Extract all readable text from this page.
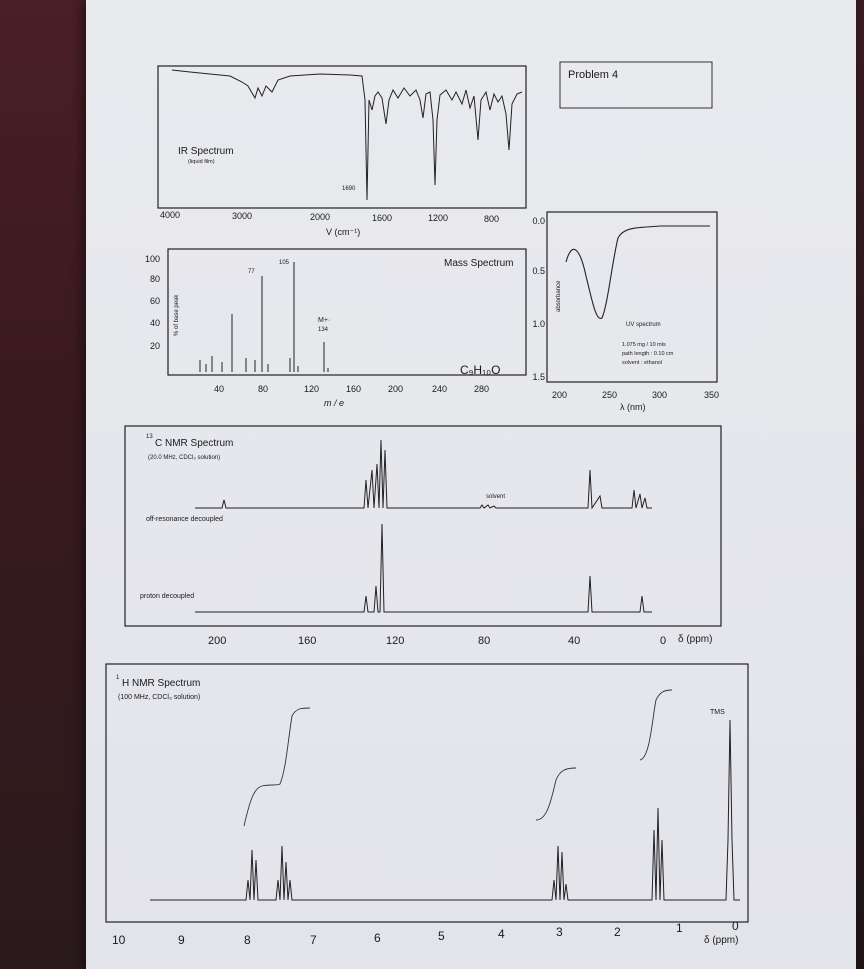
Problem 4
IR Spectrum
(liquid film)
1690
4000	3000	2000	1600	1200	800
V (cm⁻¹)
100
80
60
40
20
% of base peak
77
105
M+·
134
Mass Spectrum
C₉H₁₀O
40	80	120	160	200	240	280
m / e
0.0
0.5
1.0
1.5
absorbance
UV spectrum
1.075 mg / 10 mls
path length : 0.10 cm
solvent : ethanol
200	250	300	350
λ (nm)
13
C NMR Spectrum
(20.0 MHz, CDCl₃ solution)
off-resonance decoupled
proton decoupled
solvent
200	160	120	80	40	0 δ (ppm)
1 H NMR Spectrum
(100 MHz, CDCl₃ solution)
TMS
10	9	8	7	6	5	4	3	2	1	0
δ (ppm)
